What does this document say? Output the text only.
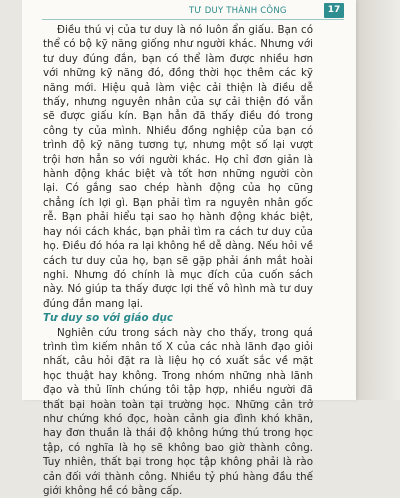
TƯ DUY THÀNH CÔNG	17

Điều thú vị của tư duy là nó luôn ẩn giấu. Bạn có thể có bộ kỹ năng giống như người khác. Nhưng với tư duy đúng đắn, bạn có thể làm được nhiều hơn với những kỹ năng đó, đồng thời học thêm các kỹ năng mới. Hiệu quả làm việc cải thiện là điều dễ thấy, nhưng nguyên nhân của sự cải thiện đó vẫn sẽ được giấu kín. Bạn hẳn đã thấy điều đó trong công ty của mình. Nhiều đồng nghiệp của bạn có trình độ kỹ năng tương tự, nhưng một số lại vượt trội hơn hẳn so với người khác. Họ chỉ đơn giản là hành động khác biệt và tốt hơn những người còn lại. Có gắng sao chép hành động của họ cũng chẳng ích lợi gì. Bạn phải tìm ra nguyên nhân gốc rễ. Bạn phải hiểu tại sao họ hành động khác biệt, hay nói cách khác, bạn phải tìm ra cách tư duy của họ. Điều đó hóa ra lại không hề dễ dàng. Nếu hỏi về cách tư duy của họ, bạn sẽ gặp phải ánh mắt hoài nghi. Nhưng đó chính là mục đích của cuốn sách này. Nó giúp ta thấy được lợi thế vô hình mà tư duy đúng đắn mang lại.

Tư duy so với giáo dục

Nghiên cứu trong sách này cho thấy, trong quá trình tìm kiếm nhân tố X của các nhà lãnh đạo giỏi nhất, câu hỏi đặt ra là liệu họ có xuất sắc về mặt học thuật hay không. Trong nhóm những nhà lãnh đạo và thủ lĩnh chúng tôi tập hợp, nhiều người đã thất bại hoàn toàn tại trường học. Những cản trở như chứng khó đọc, hoàn cảnh gia đình khó khăn, hay đơn thuần là thái độ không hứng thú trong học tập, có nghĩa là họ sẽ không bao giờ thành công. Tuy nhiên, thất bại trong học tập không phải là rào cản đối với thành công. Nhiều tỷ phú hàng đầu thế giới không hề có bằng cấp.
